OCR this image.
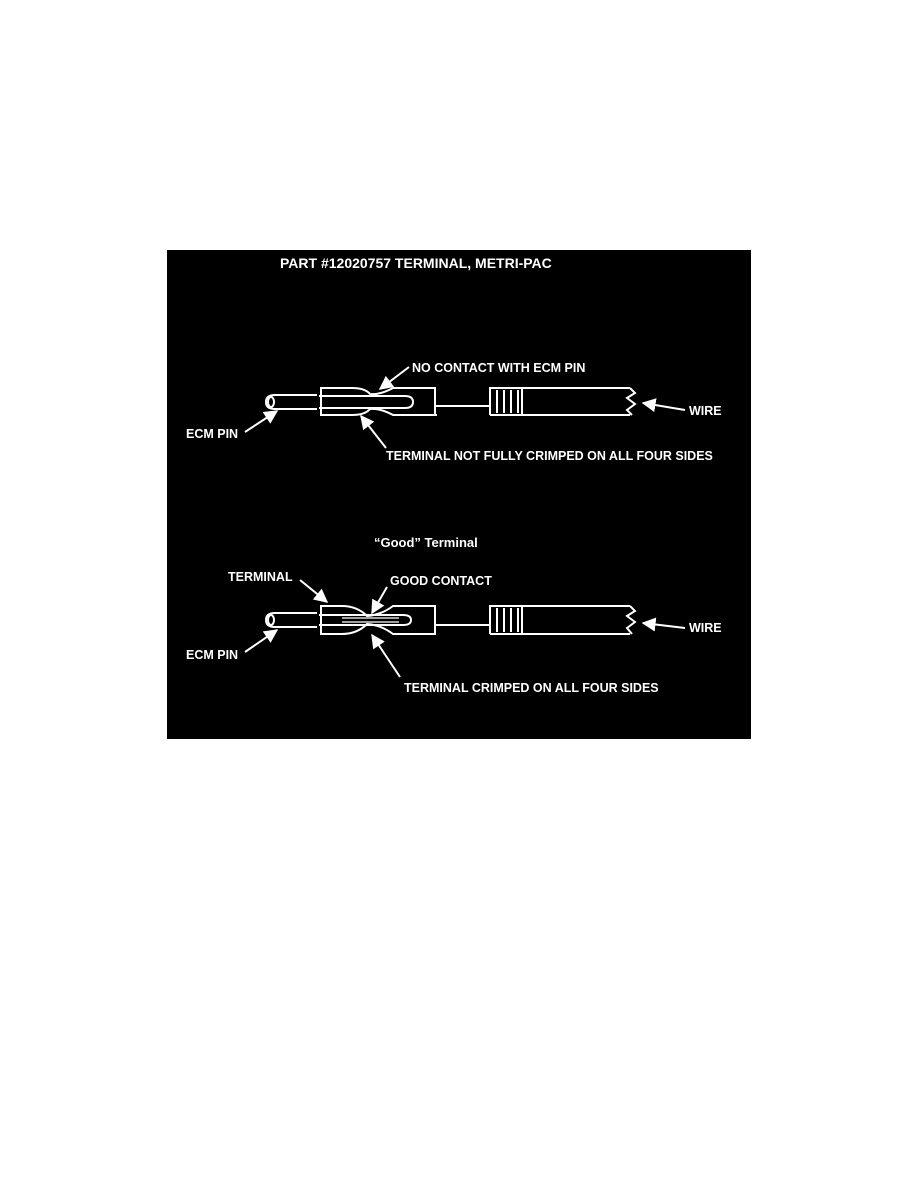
PART #12020757 TERMINAL, METRI-PAC
NO CONTACT WITH ECM PIN
ECM PIN
WIRE
TERMINAL NOT FULLY CRIMPED ON ALL FOUR SIDES
“Good” Terminal
TERMINAL	GOOD CONTACT
ECM PIN
WIRE
TERMINAL CRIMPED ON ALL FOUR SIDES
